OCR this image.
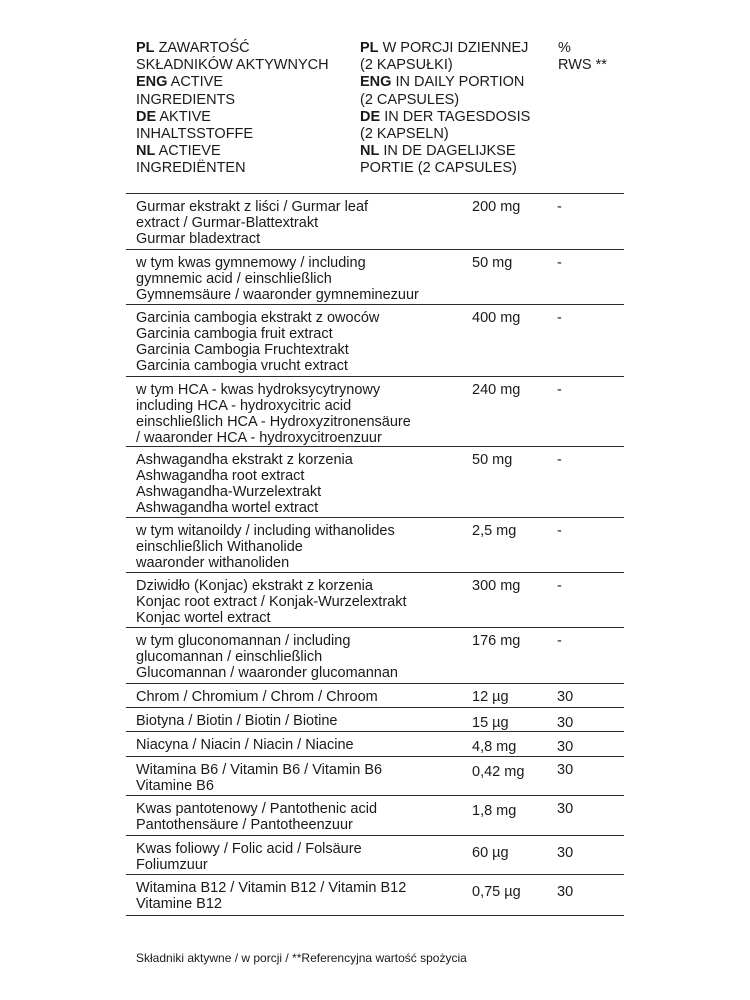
PL ZAWARTOŚĆ
SKŁADNIKÓW AKTYWNYCH
ENG ACTIVE
INGREDIENTS
DE AKTIVE
INHALTSSTOFFE
NL ACTIEVE
INGREDIËNTEN
PL W PORCJI DZIENNEJ
(2 KAPSUŁKI)
ENG IN DAILY PORTION
(2 CAPSULES)
DE IN DER TAGESDOSIS
(2 KAPSELN)
NL IN DE DAGELIJKSE
PORTIE (2 CAPSULES)
%
RWS **
Gurmar ekstrakt z liści / Gurmar leaf
extract / Gurmar-Blattextrakt
Gurmar bladextract
200 mg	-
w tym kwas gymnemowy / including
gymnemic acid / einschließlich
Gymnemsäure / waaronder gymneminezuur
50 mg	-
Garcinia cambogia ekstrakt z owoców
Garcinia cambogia fruit extract
Garcinia Cambogia Fruchtextrakt
Garcinia cambogia vrucht extract
400 mg	-
w tym HCA - kwas hydroksycytrynowy
including HCA - hydroxycitric acid
einschließlich HCA - Hydroxyzitronensäure
/ waaronder HCA - hydroxycitroenzuur
240 mg	-
Ashwagandha ekstrakt z korzenia
Ashwagandha root extract
Ashwagandha-Wurzelextrakt
Ashwagandha wortel extract
50 mg	-
w tym witanoildy / including withanolides
einschließlich Withanolide
waaronder withanoliden
2,5 mg	-
Dziwidło (Konjac) ekstrakt z korzenia
Konjac root extract / Konjak-Wurzelextrakt
Konjac wortel extract
300 mg	-
w tym gluconomannan / including
glucomannan / einschließlich
Glucomannan / waaronder glucomannan
176 mg	-
Chrom / Chromium / Chrom / Chroom	12 µg	30
Biotyna / Biotin / Biotin / Biotine	15 µg	30
Niacyna / Niacin / Niacin / Niacine	4,8 mg	30
Witamina B6 / Vitamin B6 / Vitamin B6
Vitamine B6
0,42 mg	30
Kwas pantotenowy / Pantothenic acid
Pantothensäure / Pantotheenzuur
1,8 mg	30
Kwas foliowy / Folic acid / Folsäure
Foliumzuur
60 µg	30
Witamina B12 / Vitamin B12 / Vitamin B12
Vitamine B12
0,75 µg	30
Składniki aktywne / w porcji / **Referencyjna wartość spożycia
